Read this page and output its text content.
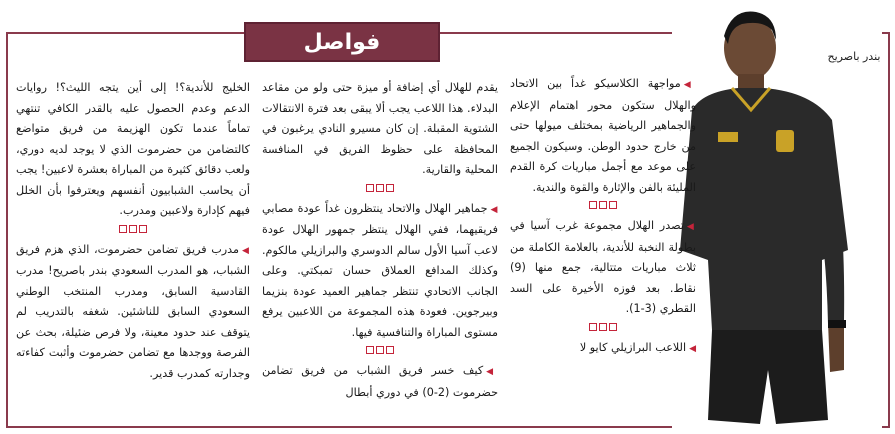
فواصل
بندر باصريح

◀مواجهة الكلاسيكو غداً بين الاتحاد والهلال ستكون محور اهتمام الإعلام والجماهير الرياضية بمختلف ميولها حتى من خارج حدود الوطن. وسيكون الجميع على موعد مع أجمل مباريات كرة القدم المليئة بالفن والإثارة والقوة والندية.

◀تصدر الهلال مجموعة غرب آسيا في بطولة النخبة للأندية، بالعلامة الكاملة من ثلاث مباريات متتالية، جمع منها (9) نقاط. بعد فوزه الأخيرة على السد القطري (3-1).

◀اللاعب البرازيلي كايو لا

يقدم للهلال أي إضافة أو ميزة حتى ولو من مقاعد البدلاء. هذا اللاعب يجب ألا يبقى بعد فترة الانتقالات الشتوية المقبلة. إن كان مسيرو النادي يرغبون في المحافظة على حظوظ الفريق في المنافسة المحلية والقارية.

◀جماهير الهلال والاتحاد ينتظرون غداً عودة مصابي فريقيهما، ففي الهلال ينتظر جمهور الهلال عودة لاعب آسيا الأول سالم الدوسري والبرازيلي مالكوم. وكذلك المدافع العملاق حسان تمبكتي. وعلى الجانب الاتحادي تنتظر جماهير العميد عودة بنزيما وبيرجوين. فعودة هذه المجموعة من اللاعبين يرفع مستوى المباراة والتنافسية فيها.

◀كيف خسر فريق الشباب من فريق تضامن حضرموت (2-0) في دوري أبطال

الخليج للأندية؟! إلى أين يتجه الليث؟! روايات الدعم وعدم الحصول عليه بالقدر الكافي تنتهي تماماً عندما تكون الهزيمة من فريق متواضع كالتضامن من حضرموت الذي لا يوجد لديه دوري، ولعب دقائق كثيرة من المباراة بعشرة لاعبين! يجب أن يحاسب الشبابيون أنفسهم ويعترفوا بأن الخلل فيهم كإدارة ولاعبين ومدرب.

◀مدرب فريق تضامن حضرموت، الذي هزم فريق الشباب، هو المدرب السعودي بندر باصريح! مدرب القادسية السابق، ومدرب المنتخب الوطني السعودي السابق للناشئين. شغفه بالتدريب لم يتوقف عند حدود معينة، ولا فرص ضئيلة، بحث عن الفرصة ووجدها مع تضامن حضرموت وأثبت كفاءته وجدارته كمدرب قدير.
